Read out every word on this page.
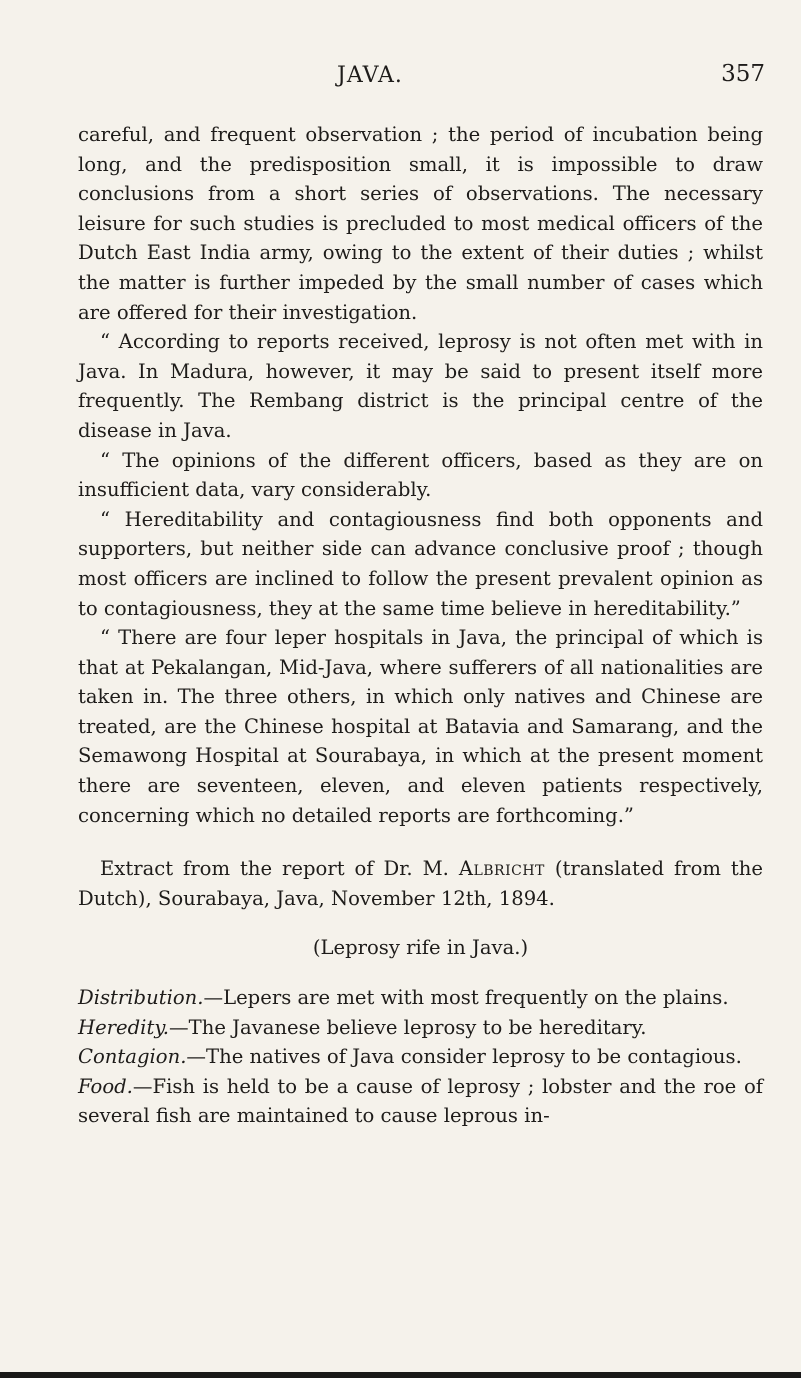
JAVA.	357

careful, and frequent observation ; the period of incubation being long, and the predisposition small, it is impossible to draw conclusions from a short series of observations. The necessary leisure for such studies is precluded to most medical officers of the Dutch East India army, owing to the extent of their duties ; whilst the matter is further impeded by the small number of cases which are offered for their investigation.

“ According to reports received, leprosy is not often met with in Java. In Madura, however, it may be said to present itself more frequently. The Rembang district is the principal centre of the disease in Java.

“ The opinions of the different officers, based as they are on insufficient data, vary considerably.

“ Hereditability and contagiousness find both opponents and supporters, but neither side can advance conclusive proof ; though most officers are inclined to follow the present prevalent opinion as to contagiousness, they at the same time believe in hereditability.”

“ There are four leper hospitals in Java, the principal of which is that at Pekalangan, Mid-Java, where sufferers of all nationalities are taken in. The three others, in which only natives and Chinese are treated, are the Chinese hospital at Batavia and Samarang, and the Semawong Hospital at Sourabaya, in which at the present moment there are seventeen, eleven, and eleven patients respectively, concerning which no detailed reports are forthcoming.”

Extract from the report of Dr. M. Albricht (translated from the Dutch), Sourabaya, Java, November 12th, 1894.

(Leprosy rife in Java.)

Distribution.—Lepers are met with most frequently on the plains.

Heredity.—The Javanese believe leprosy to be hereditary.

Contagion.—The natives of Java consider leprosy to be contagious.

Food.—Fish is held to be a cause of leprosy ; lobster and the roe of several fish are maintained to cause leprous in-
